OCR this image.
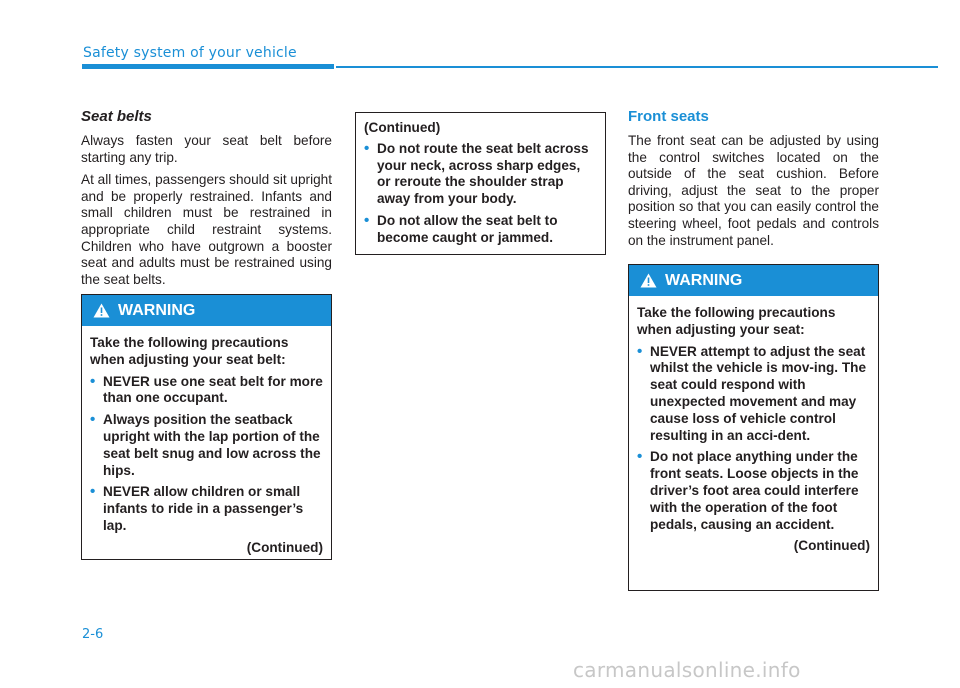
Safety system of your vehicle
Seat belts

Always fasten your seat belt before starting any trip.

At all times, passengers should sit upright and be properly restrained. Infants and small children must be restrained in appropriate child restraint systems. Children who have outgrown a booster seat and adults must be restrained using the seat belts.

WARNING

Take the following precautions when adjusting your seat belt:

• NEVER use one seat belt for more than one occupant.
• Always position the seatback upright with the lap portion of the seat belt snug and low across the hips.
• NEVER allow children or small infants to ride in a passenger’s lap.

(Continued)

(Continued)

• Do not route the seat belt across your neck, across sharp edges, or reroute the shoulder strap away from your body.
• Do not allow the seat belt to become caught or jammed.
Front seats

The front seat can be adjusted by using the control switches located on the outside of the seat cushion. Before driving, adjust the seat to the proper position so that you can easily control the steering wheel, foot pedals and controls on the instrument panel.

WARNING

Take the following precautions when adjusting your seat:

• NEVER attempt to adjust the seat whilst the vehicle is mov-ing. The seat could respond with unexpected movement and may cause loss of vehicle control resulting in an acci-dent.
• Do not place anything under the front seats. Loose objects in the driver’s foot area could interfere with the operation of the foot pedals, causing an accident.

(Continued)

2-6
carmanualsonline.info
